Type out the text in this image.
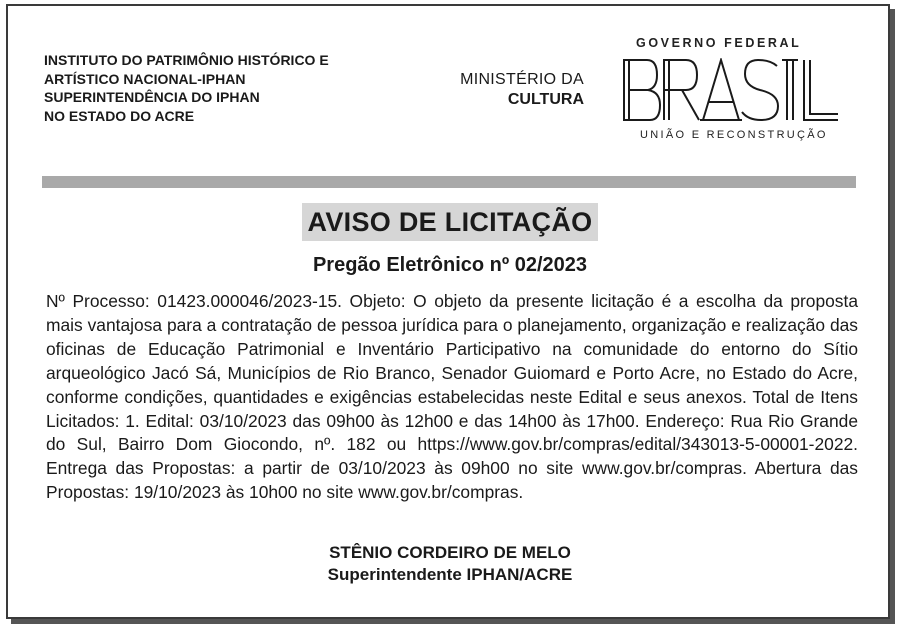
INSTITUTO DO PATRIMÔNIO HISTÓRICO E
ARTÍSTICO NACIONAL-IPHAN
SUPERINTENDÊNCIA DO IPHAN
NO ESTADO DO ACRE
MINISTÉRIO DA
CULTURA
GOVERNO FEDERAL
UNIÃO E RECONSTRUÇÃO
AVISO DE LICITAÇÃO
Pregão Eletrônico nº 02/2023
Nº Processo: 01423.000046/2023-15. Objeto: O objeto da presente licitação é a escolha da proposta mais vantajosa para a contratação de pessoa jurídica para o planejamento, organização e realização das oficinas de Educação Patrimonial e Inventário Participativo na comunidade do entorno do Sítio arqueológico Jacó Sá, Municípios de Rio Branco, Senador Guiomard e Porto Acre, no Estado do Acre, conforme condições, quantidades e exigências estabelecidas neste Edital e seus anexos. Total de Itens Licitados: 1. Edital: 03/10/2023 das 09h00 às 12h00 e das 14h00 às 17h00. Endereço: Rua Rio Grande do Sul, Bairro Dom Giocondo, nº. 182 ou https://www.gov.br/compras/edital/343013-5-00001-2022. Entrega das Propostas: a partir de 03/10/2023 às 09h00 no site www.gov.br/compras. Abertura das Propostas: 19/10/2023 às 10h00 no site www.gov.br/compras.
STÊNIO CORDEIRO DE MELO
Superintendente IPHAN/ACRE
